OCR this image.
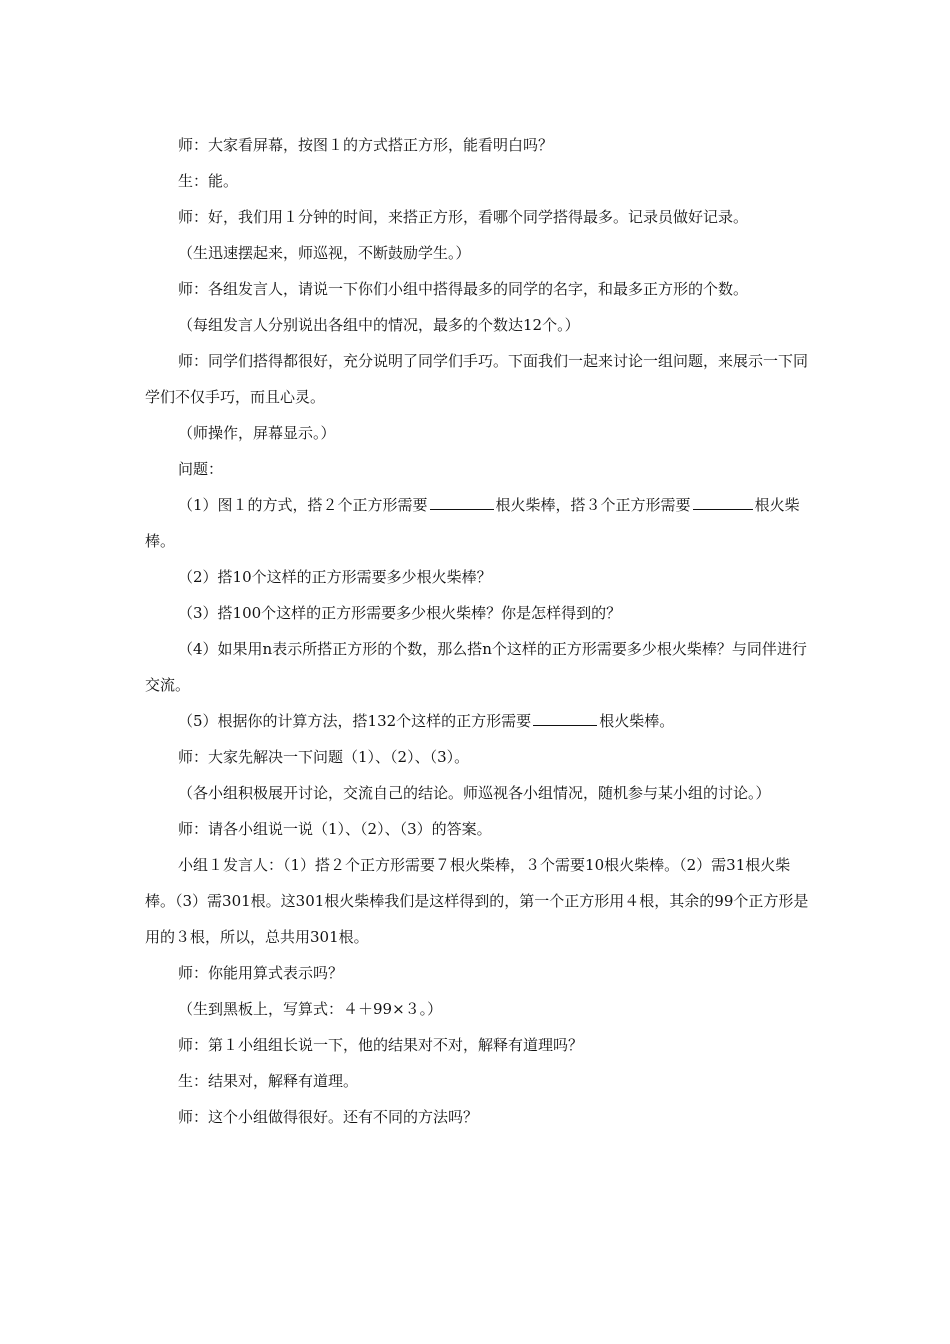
师：大家看屏幕，按图１的方式搭正方形，能看明白吗？

生：能。

师：好，我们用１分钟的时间，来搭正方形，看哪个同学搭得最多。记录员做好记录。

（生迅速摆起来，师巡视，不断鼓励学生。）

师：各组发言人，请说一下你们小组中搭得最多的同学的名字，和最多正方形的个数。

（每组发言人分别说出各组中的情况，最多的个数达12个。）

师：同学们搭得都很好，充分说明了同学们手巧。下面我们一起来讨论一组问题，来展示一下同学们不仅手巧，而且心灵。

（师操作，屏幕显示。）

问题：

（1）图１的方式，搭２个正方形需要	根火柴棒，搭３个正方形需要	根火柴棒。

（2）搭10个这样的正方形需要多少根火柴棒？

（3）搭100个这样的正方形需要多少根火柴棒？你是怎样得到的？

（4）如果用n表示所搭正方形的个数，那么搭n个这样的正方形需要多少根火柴棒？与同伴进行交流。

（5）根据你的计算方法，搭132个这样的正方形需要	根火柴棒。

师：大家先解决一下问题（1）、（2）、（3）。

（各小组积极展开讨论，交流自己的结论。师巡视各小组情况，随机参与某小组的讨论。）

师：请各小组说一说（1）、（2）、（3）的答案。

小组１发言人：（1）搭２个正方形需要７根火柴棒，３个需要10根火柴棒。（2）需31根火柴棒。（3）需301根。这301根火柴棒我们是这样得到的，第一个正方形用４根，其余的99个正方形是用的３根，所以，总共用301根。

师：你能用算式表示吗？

（生到黑板上，写算式：４＋99×３。）

师：第１小组组长说一下，他的结果对不对，解释有道理吗？

生：结果对，解释有道理。

师：这个小组做得很好。还有不同的方法吗？
